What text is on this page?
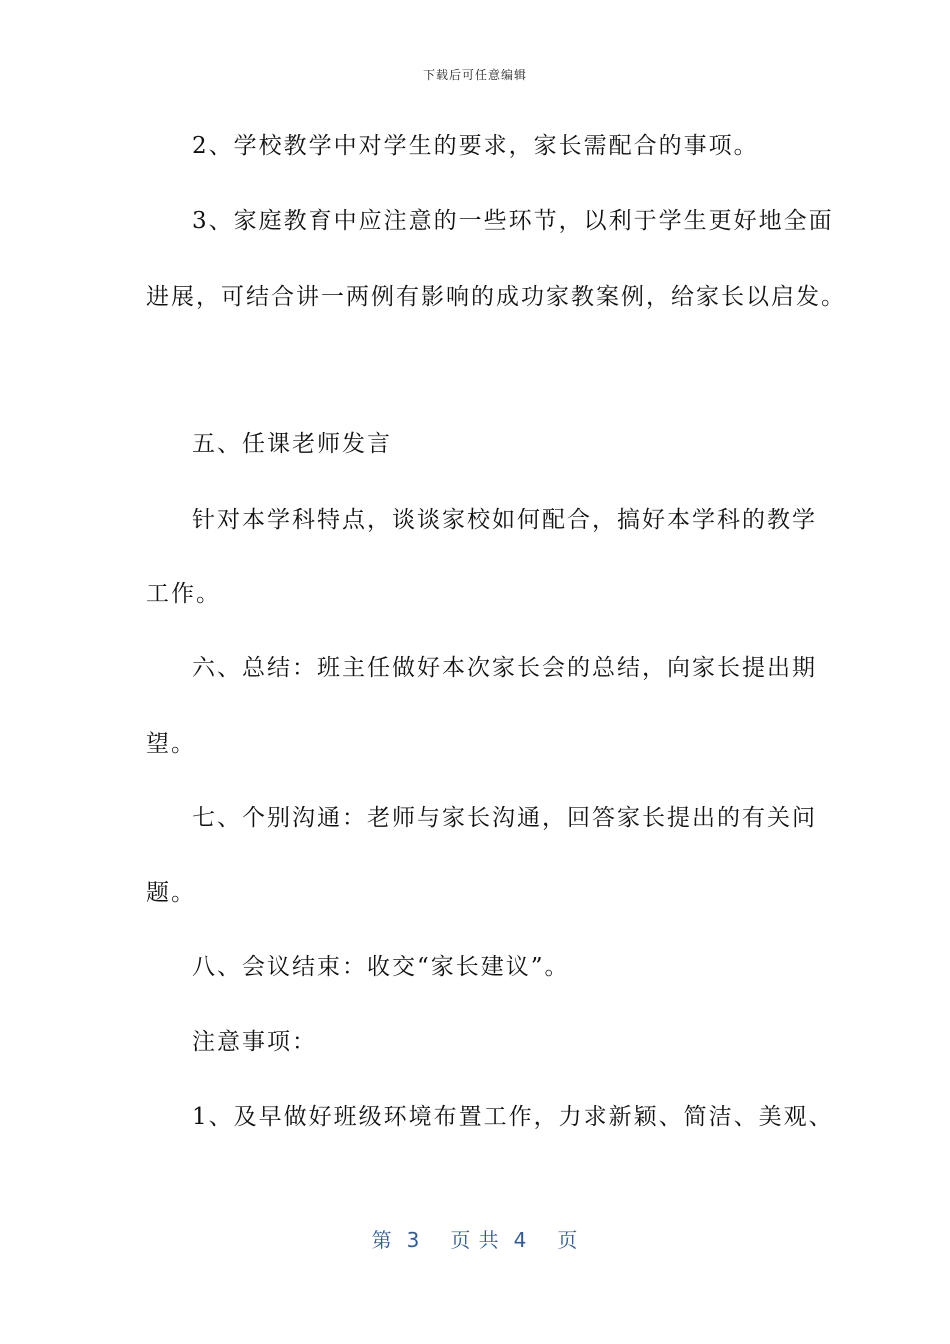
下载后可任意编辑
2、学校教学中对学生的要求，家长需配合的事项。
3、家庭教育中应注意的一些环节，以利于学生更好地全面
进展，可结合讲一两例有影响的成功家教案例，给家长以启发。
五、任课老师发言
针对本学科特点，谈谈家校如何配合，搞好本学科的教学
工作。
六、总结：班主任做好本次家长会的总结，向家长提出期
望。
七、个别沟通：老师与家长沟通，回答家长提出的有关问
题。
八、会议结束：收交“家长建议”。
注意事项：
1、及早做好班级环境布置工作，力求新颖、简洁、美观、
第 3 页 共 4 页
